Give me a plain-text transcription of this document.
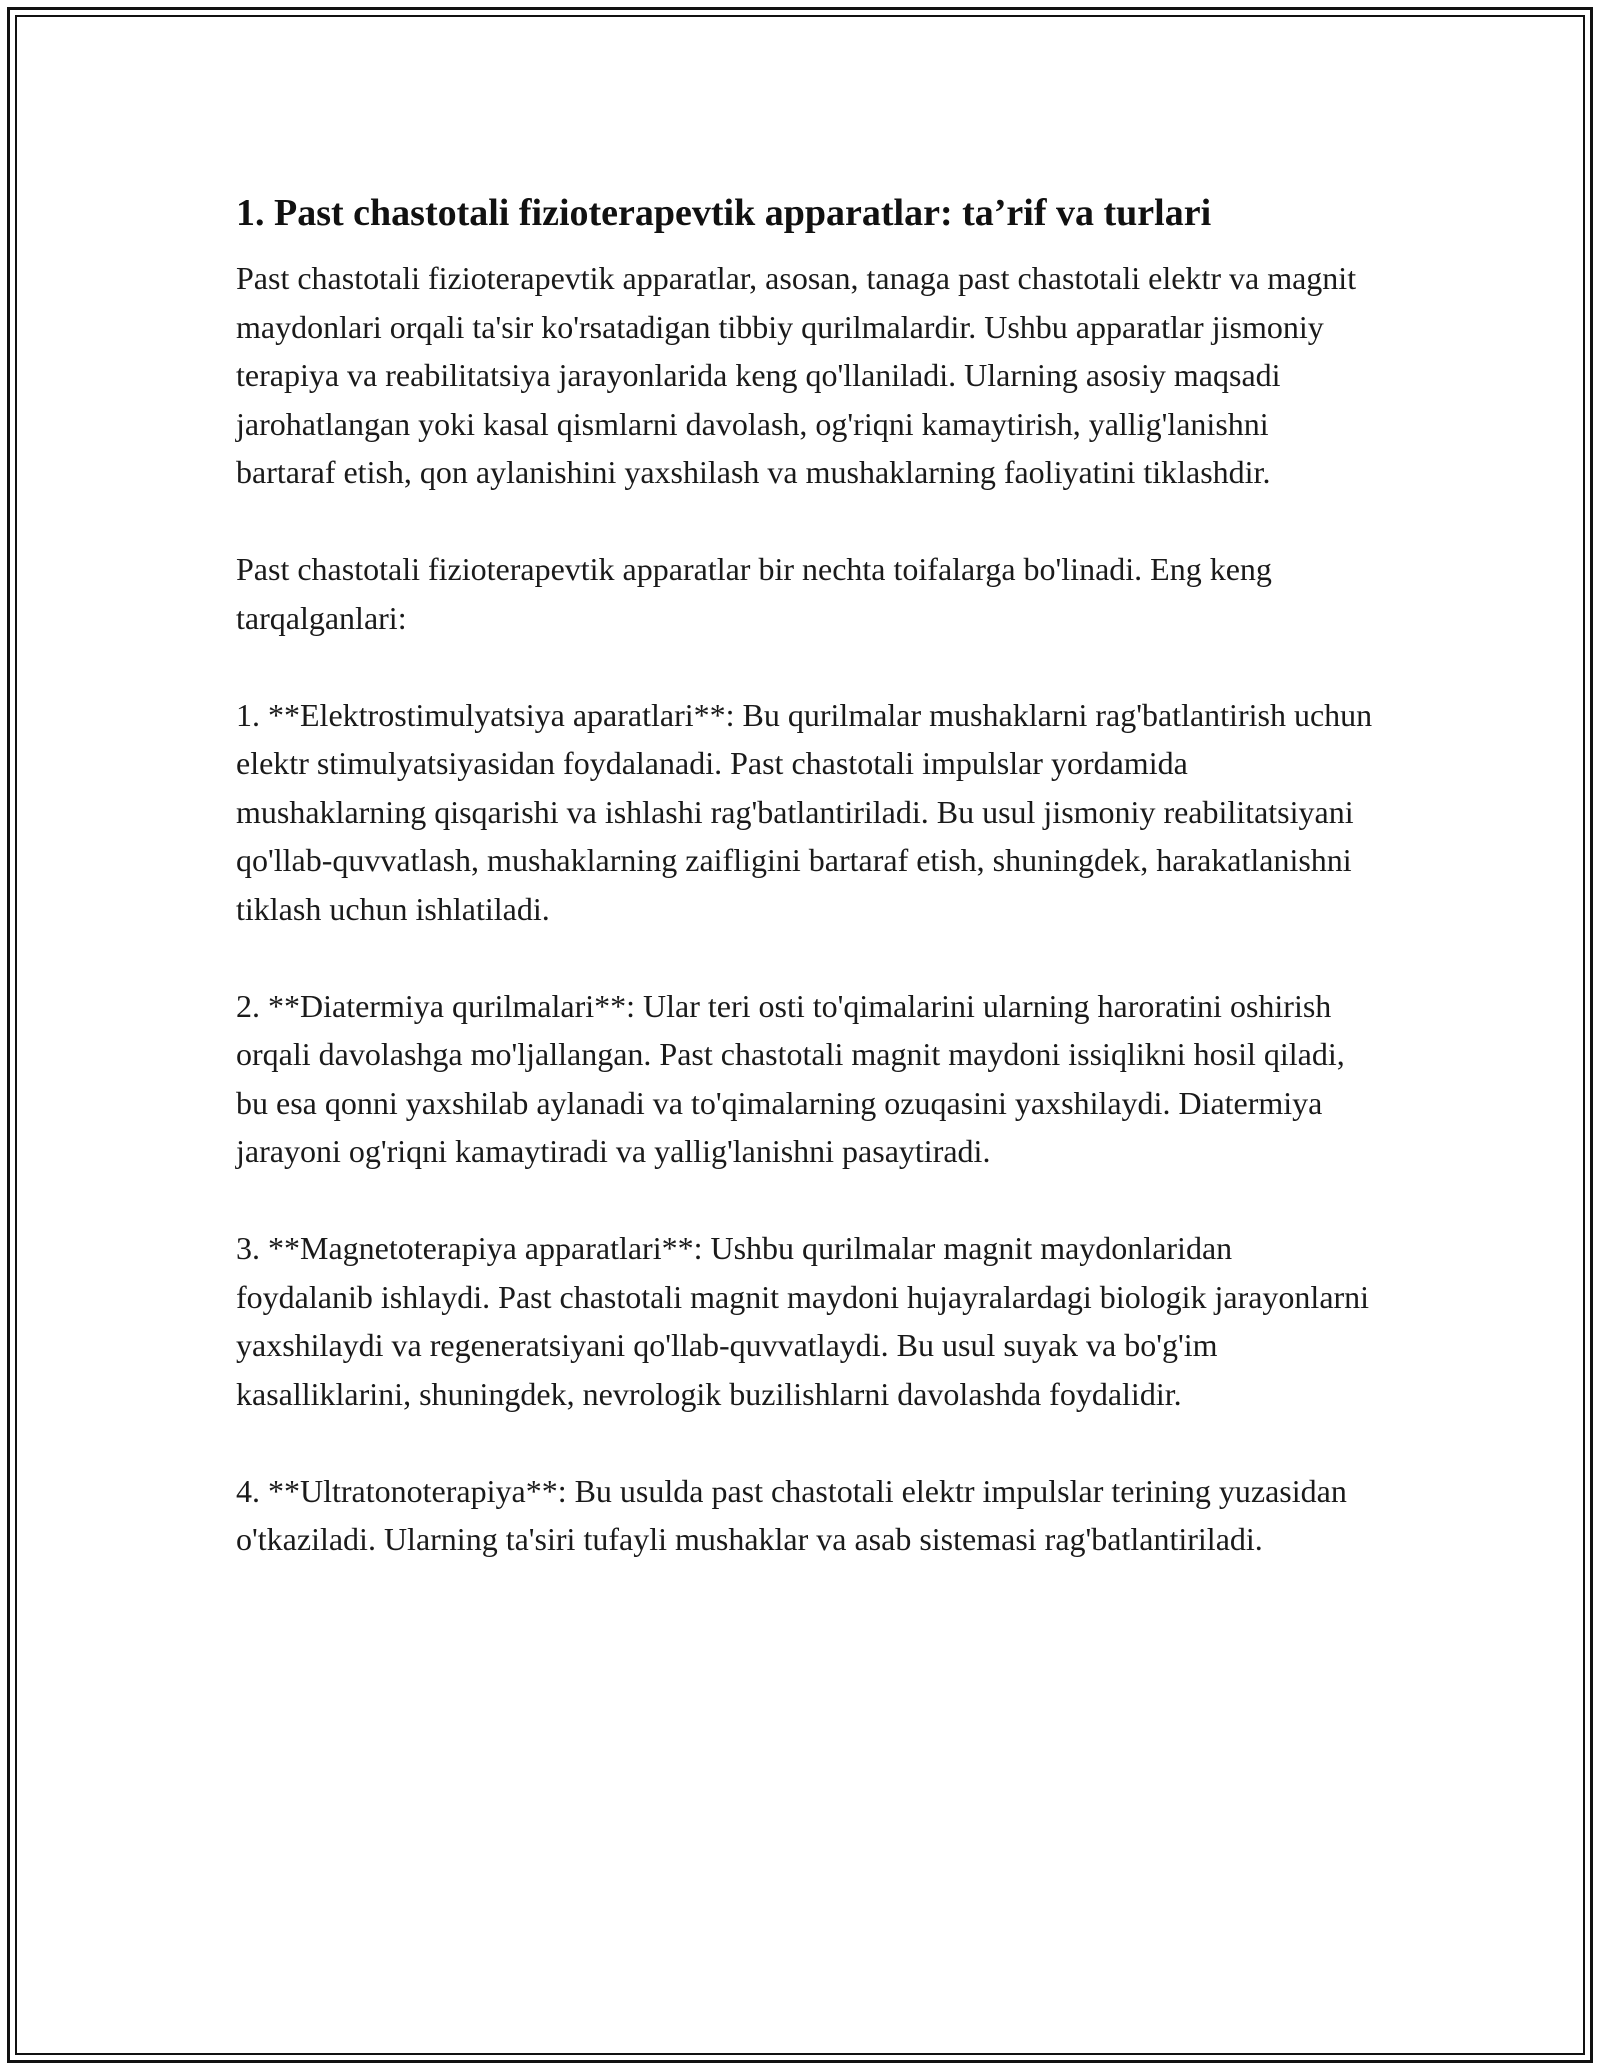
1. Past chastotali fizioterapevtik apparatlar: ta’rif va turlari

Past chastotali fizioterapevtik apparatlar, asosan, tanaga past chastotali elektr va magnit maydonlari orqali ta'sir ko'rsatadigan tibbiy qurilmalardir. Ushbu apparatlar jismoniy terapiya va reabilitatsiya jarayonlarida keng qo'llaniladi. Ularning asosiy maqsadi jarohatlangan yoki kasal qismlarni davolash, og'riqni kamaytirish, yallig'lanishni bartaraf etish, qon aylanishini yaxshilash va mushaklarning faoliyatini tiklashdir.

Past chastotali fizioterapevtik apparatlar bir nechta toifalarga bo'linadi. Eng keng tarqalganlari:

1. **Elektrostimulyatsiya aparatlari**: Bu qurilmalar mushaklarni rag'batlantirish uchun elektr stimulyatsiyasidan foydalanadi. Past chastotali impulslar yordamida mushaklarning qisqarishi va ishlashi rag'batlantiriladi. Bu usul jismoniy reabilitatsiyani qo'llab-quvvatlash, mushaklarning zaifligini bartaraf etish, shuningdek, harakatlanishni tiklash uchun ishlatiladi.

2. **Diatermiya qurilmalari**: Ular teri osti to'qimalarini ularning haroratini oshirish orqali davolashga mo'ljallangan. Past chastotali magnit maydoni issiqlikni hosil qiladi, bu esa qonni yaxshilab aylanadi va to'qimalarning ozuqasini yaxshilaydi. Diatermiya jarayoni og'riqni kamaytiradi va yallig'lanishni pasaytiradi.

3. **Magnetoterapiya apparatlari**: Ushbu qurilmalar magnit maydonlaridan foydalanib ishlaydi. Past chastotali magnit maydoni hujayralardagi biologik jarayonlarni yaxshilaydi va regeneratsiyani qo'llab-quvvatlaydi. Bu usul suyak va bo'g'im kasalliklarini, shuningdek, nevrologik buzilishlarni davolashda foydalidir.

4. **Ultratonoterapiya**: Bu usulda past chastotali elektr impulslar terining yuzasidan o'tkaziladi. Ularning ta'siri tufayli mushaklar va asab sistemasi rag'batlantiriladi.
